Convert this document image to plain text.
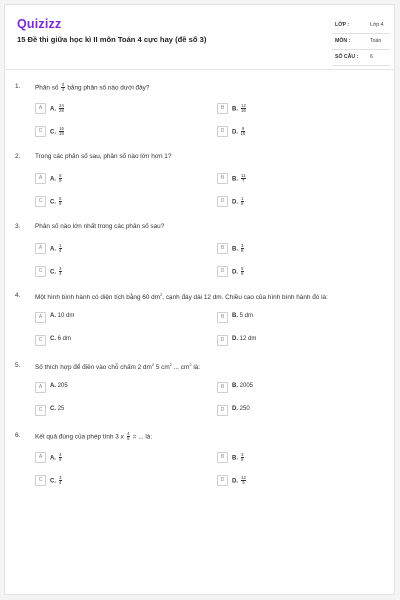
Quizizz
15 Đề thi giữa học kì II môn Toán 4 cực hay (đề số 3)
LỚP :	Lớp 4
MÔN :	Toán
SỐ CÂU : 6
1. Phân số $\frac{3}{4}$ bằng phân số nào dưới đây?
A	A. $\frac{24}{28}$	B	B. $\frac{12}{16}$
C	C. $\frac{15}{18}$	D	D. $\frac{9}{15}$
2. Trong các phân số sau, phân số nào lớn hơn 1?
A	A. $\frac{8}{9}$	B	B. $\frac{11}{7}$
C	C. $\frac{5}{6}$	D	D. $\frac{1}{5}$
3. Phân số nào lớn nhất trong các phân số sau?
A	A. $\frac{1}{4}$	B	B. $\frac{3}{8}$
C	C. $\frac{3}{4}$	D	D. $\frac{5}{6}$
4. Một hình bình hành có diện tích bằng 60 $dm^2$, cạnh đáy dài 12 dm. Chiều cao của hình bình hành đó là:
A	A. 10 dm	B	B. 5 dm
C	C. 6 dm	D	D. 12 dm
5. Số thích hợp để điền vào chỗ chấm 2 $dm^2$ 5 $cm^2$ ... $cm^2$ là:
A	A. 205	B	B. 2005
C	C. 25	D	D. 250
6. Kết quả đúng của phép tính 3 x $\frac{4}{5}$ = ... là:
A	A. $\frac{4}{5}$	B	B. $\frac{3}{5}$
C	C. $\frac{3}{4}$	D	D. $\frac{12}{5}$
